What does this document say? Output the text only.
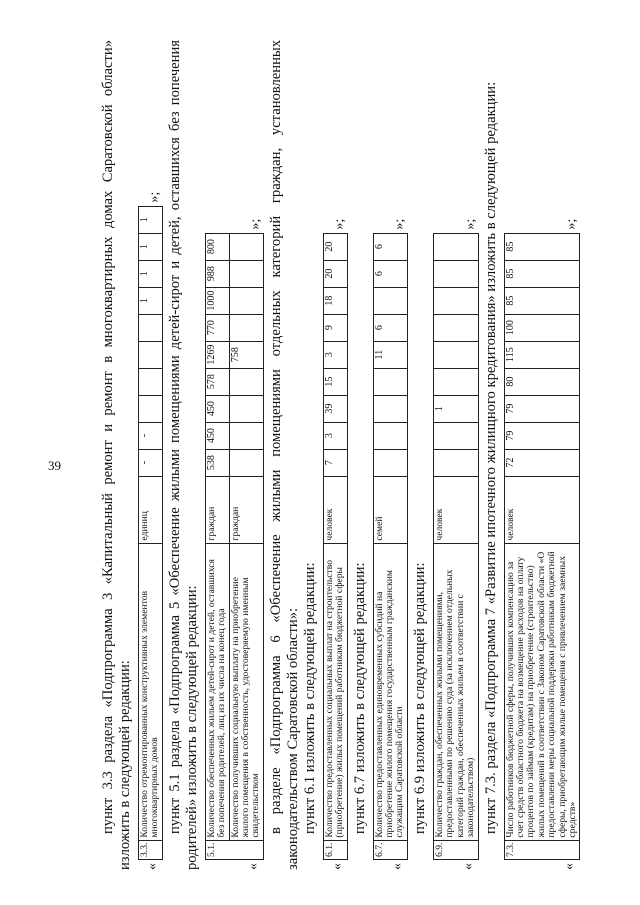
39	пункт 3.3 раздела «Подпрограмма 3 «Капитальный ремонт и ремонт в многоквартирных домах Саратовской области» изложить в следующей редакции: «
3.3.	Количество отремонтированных конструктивных элементов многоквартирных домов	единиц	-	-					1	1	1	1
»; пункт 5.1 раздела «Подпрограмма 5 «Обеспечение жилыми помещениями детей-сирот и детей, оставшихся без попечения родителей» изложить в следующей редакции:	«
5.1.	Количество обеспеченных жильем детей-сирот и детей, оставшихся без попечения родителей, лиц из их числа на конец года	граждан	538	450	450	578	1269	770	1000	988	800
	Количество получивших социальную выплату на приобретение жилого помещения в собственность, удостоверяемую именным свидетельством	граждан					758				
»; в разделе «Подпрограмма 6 «Обеспечение жилыми помещениями отдельных категорий граждан, установленных законодательством Саратовской области»: пункт 6.1 изложить в следующей редакции:

«
6.1.	Количество предоставленных социальных выплат на строительство (приобретение) жилых помещений работникам бюджетной сферы	человек	7	3	39	15	3	9	18	20	20
»;

пункт 6.7 изложить в следующей редакции:

«
6.7.	Количество предоставленных единовременных субсидий на приобретение жилого помещения государственным гражданским служащим Саратовской области	семей					11	6		6	6
»;

пункт 6.9 изложить в следующей редакции:

«
6.9.	Количество граждан, обеспеченных жилыми помещениями, предоставленными по решению суда (за исключением отдельных категорий граждан, обеспеченных жильем в соответствии с законодательством)	человек			1						
»; пункт 7.3. раздела «Подпрограмма 7 «Развитие ипотечного жилищного кредитования» изложить в следующей редакции:

«
7.3.	Число работников бюджетной сферы, получивших компенсацию за счет средств областного бюджета на возмещение расходов на оплату процентов по займам (кредитам) на приобретение (строительство) жилых помещений в соответствии с Законом Саратовской области «О предоставлении меры социальной поддержки работникам бюджетной сферы, приобретающим жилые помещения с привлечением заемных средств»	человек	72	79	79	80	115	100	85	85	85
»;
